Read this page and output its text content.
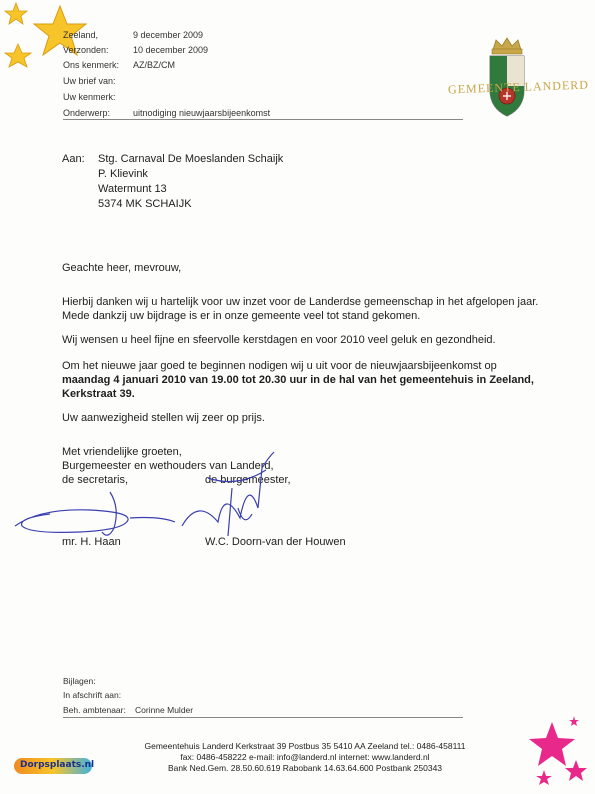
Zeeland,	9 december 2009
Verzonden:	10 december 2009
Ons kenmerk: AZ/BZ/CM
Uw brief van:
Uw kenmerk:
Onderwerp:	uitnodiging nieuwjaarsbijeenkomst
GEMEENTE LANDERD
Aan: Stg. Carnaval De Moeslanden Schaijk
P. Klievink
Watermunt 13
5374 MK SCHAIJK
Geachte heer, mevrouw,
Hierbij danken wij u hartelijk voor uw inzet voor de Landerdse gemeenschap in het afgelopen jaar.
Mede dankzij uw bijdrage is er in onze gemeente veel tot stand gekomen.
Wij wensen u heel fijne en sfeervolle kerstdagen en voor 2010 veel geluk en gezondheid.
Om het nieuwe jaar goed te beginnen nodigen wij u uit voor de nieuwjaarsbijeenkomst op
maandag 4 januari 2010 van 19.00 tot 20.30 uur in de hal van het gemeentehuis in Zeeland,
Kerkstraat 39.
Uw aanwezigheid stellen wij zeer op prijs.
Met vriendelijke groeten,
Burgemeester en wethouders van Landerd,
de secretaris,	de burgemeester,
mr. H. Haan	W.C. Doorn-van der Houwen
Bijlagen:
In afschrift aan:
Beh. ambtenaar: Corinne Mulder
Gemeentehuis Landerd Kerkstraat 39 Postbus 35 5410 AA Zeeland tel.: 0486-458111
fax: 0486-458222 e-mail: info@landerd.nl internet: www.landerd.nl
Bank Ned.Gem. 28.50.60.619 Rabobank 14.63.64.600 Postbank 250343
Dorpsplaats.nl
